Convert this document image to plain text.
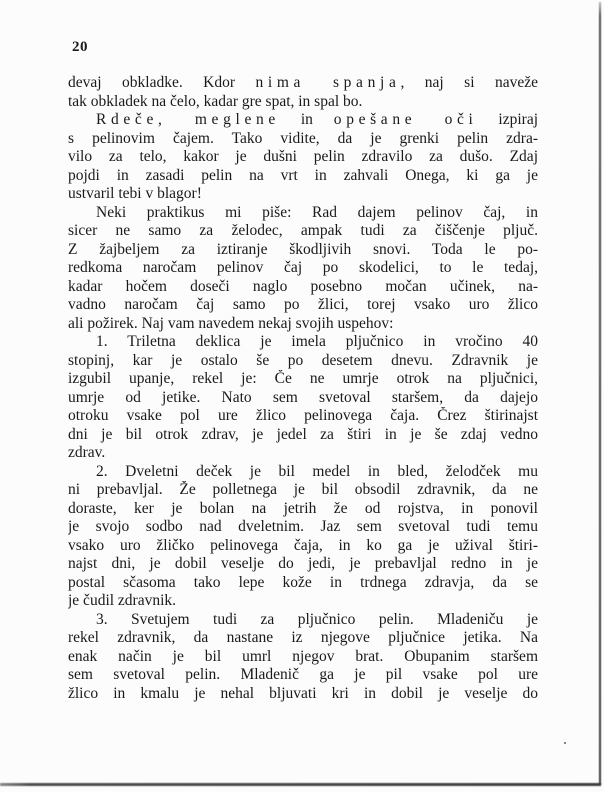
20
devaj obkladke. Kdor nima spanja, naj si naveže
tak obkladek na čelo, kadar gre spat, in spal bo.
Rdeče, meglene in opešane oči izpiraj
s pelinovim čajem. Tako vidite, da je grenki pelin zdra-
vilo za telo, kakor je dušni pelin zdravilo za dušo. Zdaj
pojdi in zasadi pelin na vrt in zahvali Onega, ki ga je
ustvaril tebi v blagor!
Neki praktikus mi piše: Rad dajem pelinov čaj, in
sicer ne samo za želodec, ampak tudi za čiščenje pljuč.
Z žajbeljem za iztiranje škodljivih snovi. Toda le po-
redkoma naročam pelinov čaj po skodelici, to le tedaj,
kadar hočem doseči naglo posebno močan učinek, na-
vadno naročam čaj samo po žlici, torej vsako uro žlico
ali požirek. Naj vam navedem nekaj svojih uspehov:
1. Triletna deklica je imela pljučnico in vročino 40
stopinj, kar je ostalo še po desetem dnevu. Zdravnik je
izgubil upanje, rekel je: Če ne umrje otrok na pljučnici,
umrje od jetike. Nato sem svetoval staršem, da dajejo
otroku vsake pol ure žlico pelinovega čaja. Črez štirinajst
dni je bil otrok zdrav, je jedel za štiri in je še zdaj vedno
zdrav.
2. Dveletni deček je bil medel in bled, želodček mu
ni prebavljal. Že polletnega je bil obsodil zdravnik, da ne
doraste, ker je bolan na jetrih že od rojstva, in ponovil
je svojo sodbo nad dveletnim. Jaz sem svetoval tudi temu
vsako uro žličko pelinovega čaja, in ko ga je užival štiri-
najst dni, je dobil veselje do jedi, je prebavljal redno in je
postal sčasoma tako lepe kože in trdnega zdravja, da se
je čudil zdravnik.
3. Svetujem tudi za pljučnico pelin. Mladeniču je
rekel zdravnik, da nastane iz njegove pljučnice jetika. Na
enak način je bil umrl njegov brat. Obupanim staršem
sem svetoval pelin. Mladenič ga je pil vsake pol ure
žlico in kmalu je nehal bljuvati kri in dobil je veselje do
